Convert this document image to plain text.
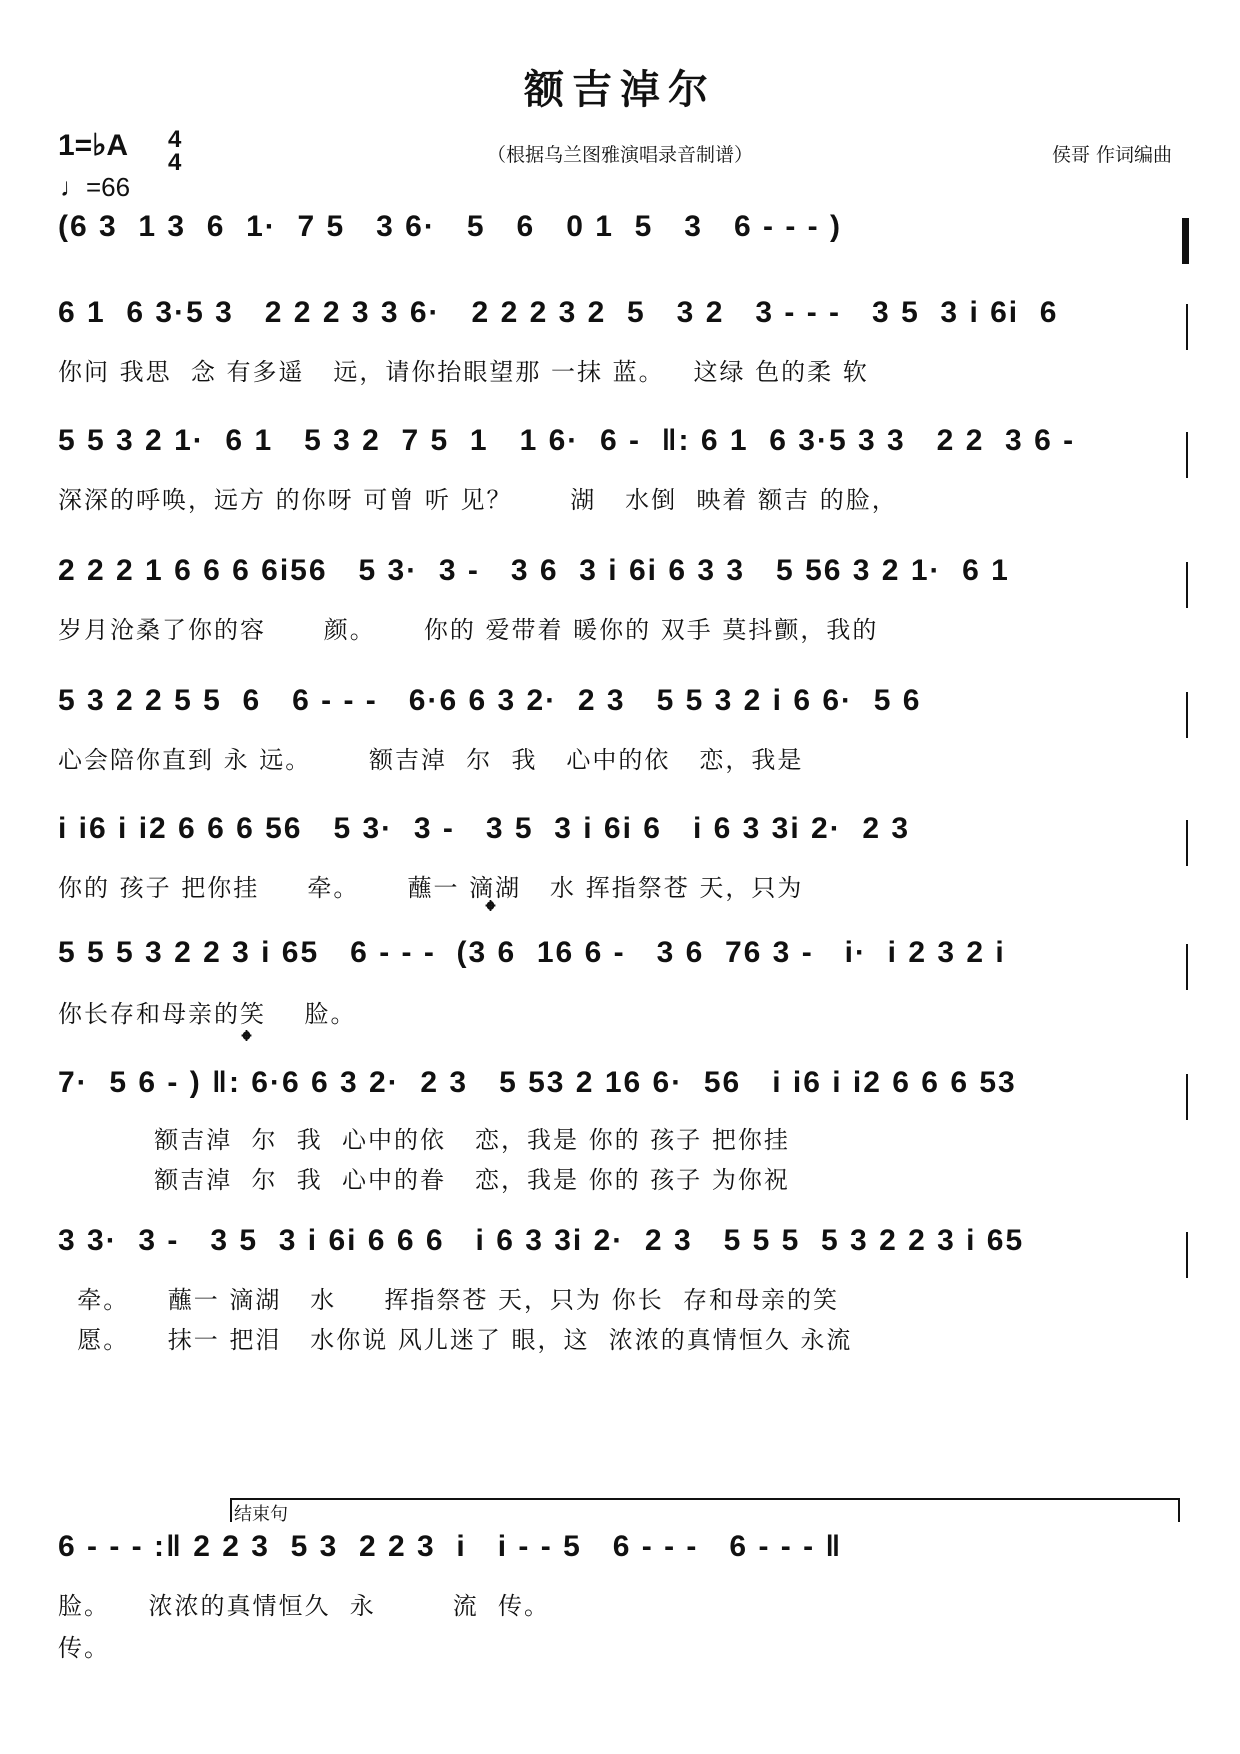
额吉淖尔
（根据乌兰图雅演唱录音制谱）	侯哥 作词编曲
1=♭A 4
4
♩=66
(6 3  1 3  6  1·  7 5   3 6·   5   6   0 1  5   3   6 - - - )
6 1  6 3·5 3   2 2 2 3 3 6·   2 2 2 3 2  5   3 2   3 - - -   3 5  3 i 6i  6
你问 我思  念 有多遥   远，请你抬眼望那 一抹 蓝。   这绿 色的柔 软
5 5 3 2 1·  6 1   5 3 2  7 5  1   1 6·  6 -  ‖: 6 1  6 3·5 3 3   2 2  3 6 -
深深的呼唤，远方 的你呀 可曾 听 见？      湖   水倒  映着 额吉 的脸，
2 2 2 1 6 6 6 6i56   5 3·  3 -   3 6  3 i 6i 6 3 3   5 56 3 2 1·  6 1
岁月沧桑了你的容      颜。     你的 爱带着 暖你的 双手 莫抖颤，我的
5 3 2 2 5 5  6   6 - - -   6·6 6 3 2·  2 3   5 5 3 2 i 6 6·  5 6
心会陪你直到 永 远。      额吉淖  尔  我   心中的依   恋，我是
i i6 i i2 6 6 6 56   5 3·  3 -   3 5  3 i 6i 6   i 6 3 3i 2·  2 3
你的 孩子 把你挂     牵。     蘸一 滴湖   水 挥指祭苍 天，只为
𝄌
5 5 5 3 2 2 3 i 65   6 - - -  (3 6  16 6 -   3 6  76 3 -   i·  i 2 3 2 i
你长存和母亲的笑    脸。
𝄌
7·  5 6 - ) ‖: 6·6 6 3 2·  2 3   5 53 2 16 6·  56   i i6 i i2 6 6 6 53
额吉淖  尔  我  心中的依   恋，我是 你的 孩子 把你挂
额吉淖  尔  我  心中的眷   恋，我是 你的 孩子 为你祝
3 3·  3 -   3 5  3 i 6i 6 6 6   i 6 3 3i 2·  2 3   5 5 5  5 3 2 2 3 i 65
牵。    蘸一 滴湖   水     挥指祭苍 天，只为 你长  存和母亲的笑
愿。    抹一 把泪   水你说 风儿迷了 眼，这  浓浓的真情恒久 永流
结束句
6 - - - :‖ 2 2 3  5 3  2 2 3  i   i - - 5   6 - - -   6 - - - ‖
脸。    浓浓的真情恒久  永        流  传。
传。
